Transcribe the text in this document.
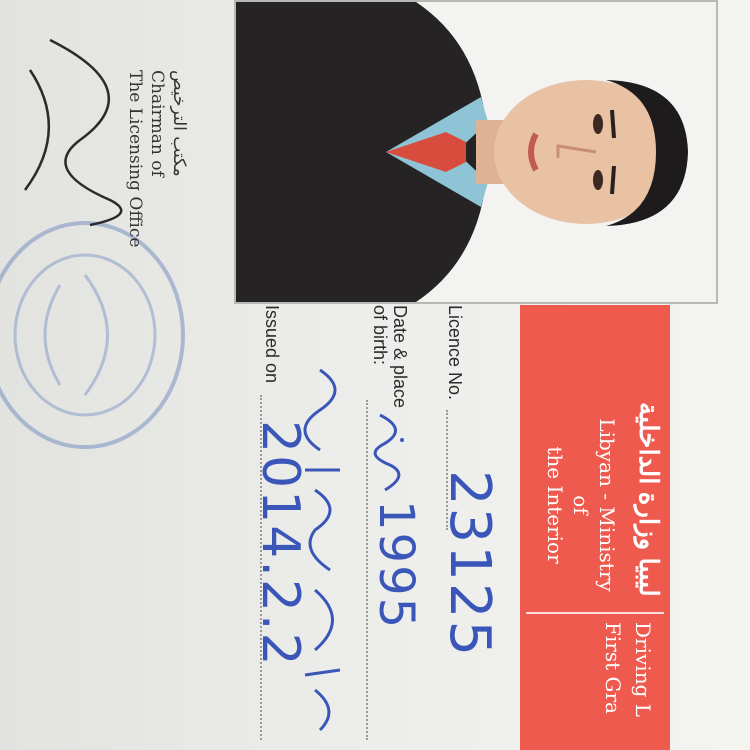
ليبيا وزارة الداخلية
Libyan - Ministry of
the Interior
Driving L
First Gra
Licence No.
23125
Date & place
of birth:
1995
Issued on
2014.2.2
مكتب الترخيص
Chairman of
The Licensing Office
